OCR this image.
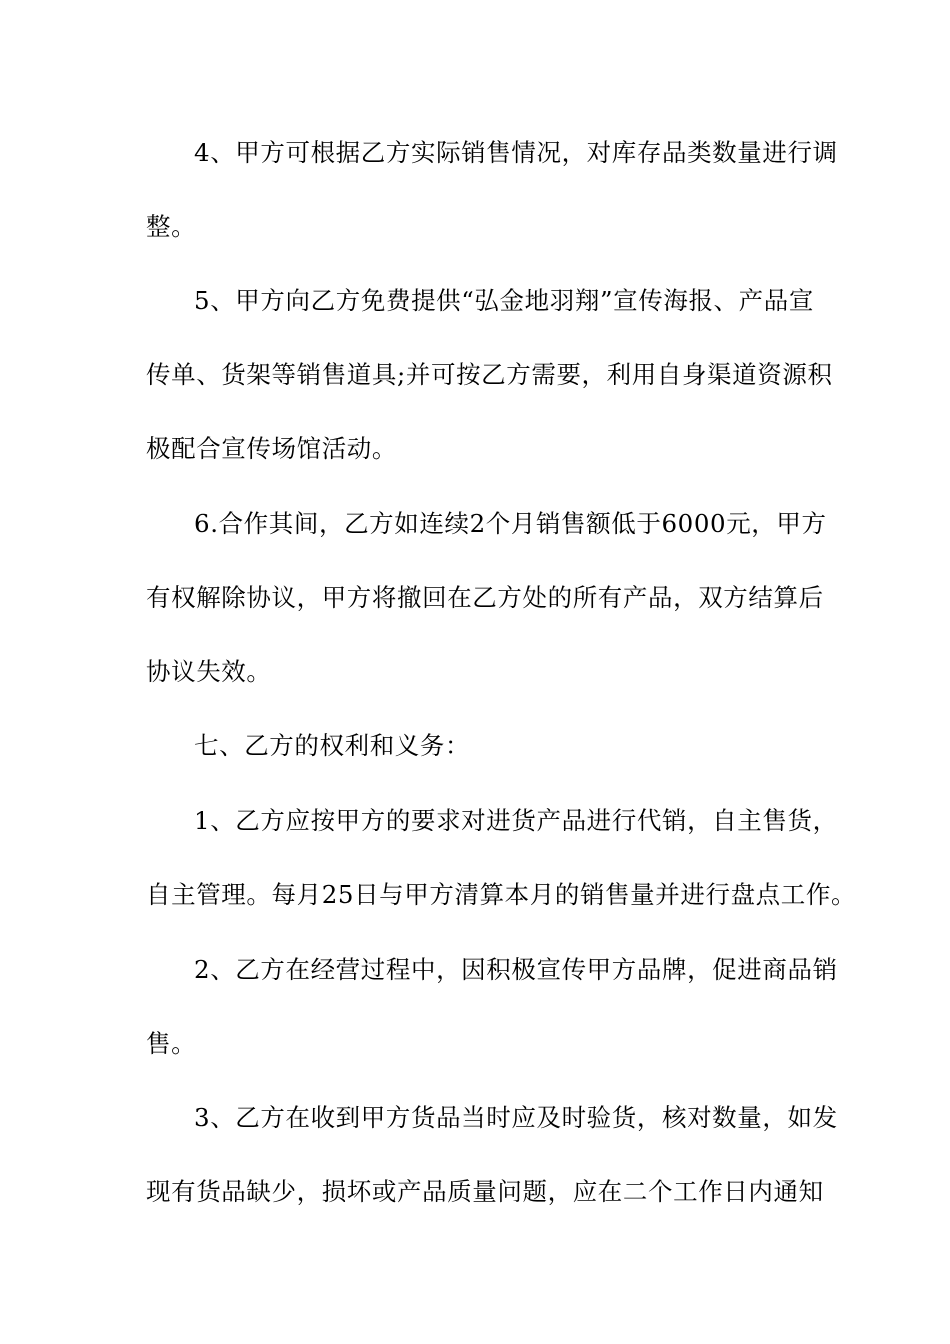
4、甲方可根据乙方实际销售情况，对库存品类数量进行调
整。
5、甲方向乙方免费提供“弘金地羽翔”宣传海报、产品宣
传单、货架等销售道具;并可按乙方需要，利用自身渠道资源积
极配合宣传场馆活动。
6.合作其间，乙方如连续2个月销售额低于6000元，甲方
有权解除协议，甲方将撤回在乙方处的所有产品，双方结算后
协议失效。
七、乙方的权利和义务：
1、乙方应按甲方的要求对进货产品进行代销，自主售货，
自主管理。每月25日与甲方清算本月的销售量并进行盘点工作。
2、乙方在经营过程中，因积极宣传甲方品牌，促进商品销
售。
3、乙方在收到甲方货品当时应及时验货，核对数量，如发
现有货品缺少，损坏或产品质量问题，应在二个工作日内通知
